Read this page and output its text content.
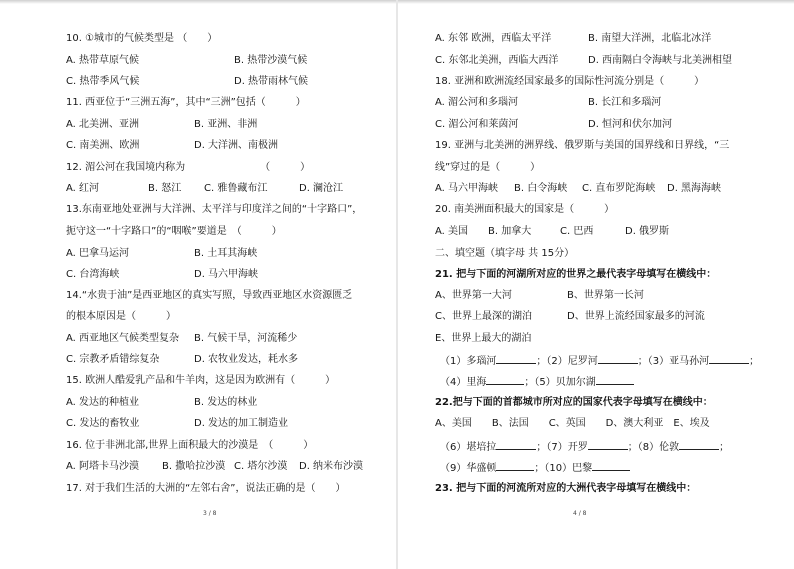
10. ①城市的气候类型是 （　　）
A. 热带草原气候	B. 热带沙漠气候
C. 热带季风气候	D. 热带雨林气候
11. 西亚位于“三洲五海”，其中“三洲”包括（　　　）
A. 北美洲、亚洲	B. 亚洲、非洲
C. 南美洲、欧洲	D. 大洋洲、南极洲
12. 湄公河在我国境内称为　　　　　　　　（　　　）
A. 红河	B. 怒江 C. 雅鲁藏布江	D. 澜沧江
13.东南亚地处亚洲与大洋洲、太平洋与印度洋之间的“十字路口”，
扼守这一“十字路口”的“咽喉”要道是　（　　　）
A. 巴拿马运河	B. 土耳其海峡
C. 台湾海峡	D. 马六甲海峡
14.“水贵于油”是西亚地区的真实写照，导致西亚地区水资源匮乏
的根本原因是（　　　）
A. 西亚地区气候类型复杂 B. 气候干旱，河流稀少
C. 宗教矛盾错综复杂	D. 农牧业发达，耗水多
15. 欧洲人酷爱乳产品和牛羊肉，这是因为欧洲有（　　　）
A. 发达的种植业	B. 发达的林业
C. 发达的畜牧业	D. 发达的加工制造业
16. 位于非洲北部,世界上面积最大的沙漠是　（　　　）
A. 阿塔卡马沙漠 B. 撒哈拉沙漠 C. 塔尔沙漠 D. 纳米布沙漠
17. 对于我们生活的大洲的“左邻右舍”，说法正确的是（　　）
3 / 8
A. 东邻 欧洲，西临太平洋	B. 南望大洋洲，北临北冰洋
C. 东邻北美洲，西临大西洋	D. 西南隔白令海峡与北美洲相望
18. 亚洲和欧洲流经国家最多的国际性河流分别是（　　　）
A. 湄公河和多瑙河	B. 长江和多瑙河
C. 湄公河和莱茵河	D. 恒河和伏尔加河
19. 亚洲与北美洲的洲界线、俄罗斯与美国的国界线和日界线，“三
线”穿过的是（　　　）
A. 马六甲海峡 B. 白令海峡 C. 直布罗陀海峡 D. 黑海海峡
20. 南美洲面积最大的国家是（　　　）
A. 美国 B. 加拿大	C. 巴西	D. 俄罗斯
二、填空题（填字母 共 15分）
21. 把与下面的河湖所对应的世界之最代表字母填写在横线中：
A、世界第一大河	B、世界第一长河
C、世界上最深的湖泊	D、世界上流经国家最多的河流
E、世界上最大的湖泊
（1）多瑙河	；（2）尼罗河	；（3）亚马孙河	；
（4）里海	；（5）贝加尔湖
22.把与下面的首都城市所对应的国家代表字母填写在横线中：
A、美国　　B、法国　　C、英国　　D、澳大利亚　E、埃及
（6）堪培拉	；（7）开罗	；（8）伦敦	；
（9）华盛顿	；（10）巴黎
23. 把与下面的河流所对应的大洲代表字母填写在横线中：
4 / 8
